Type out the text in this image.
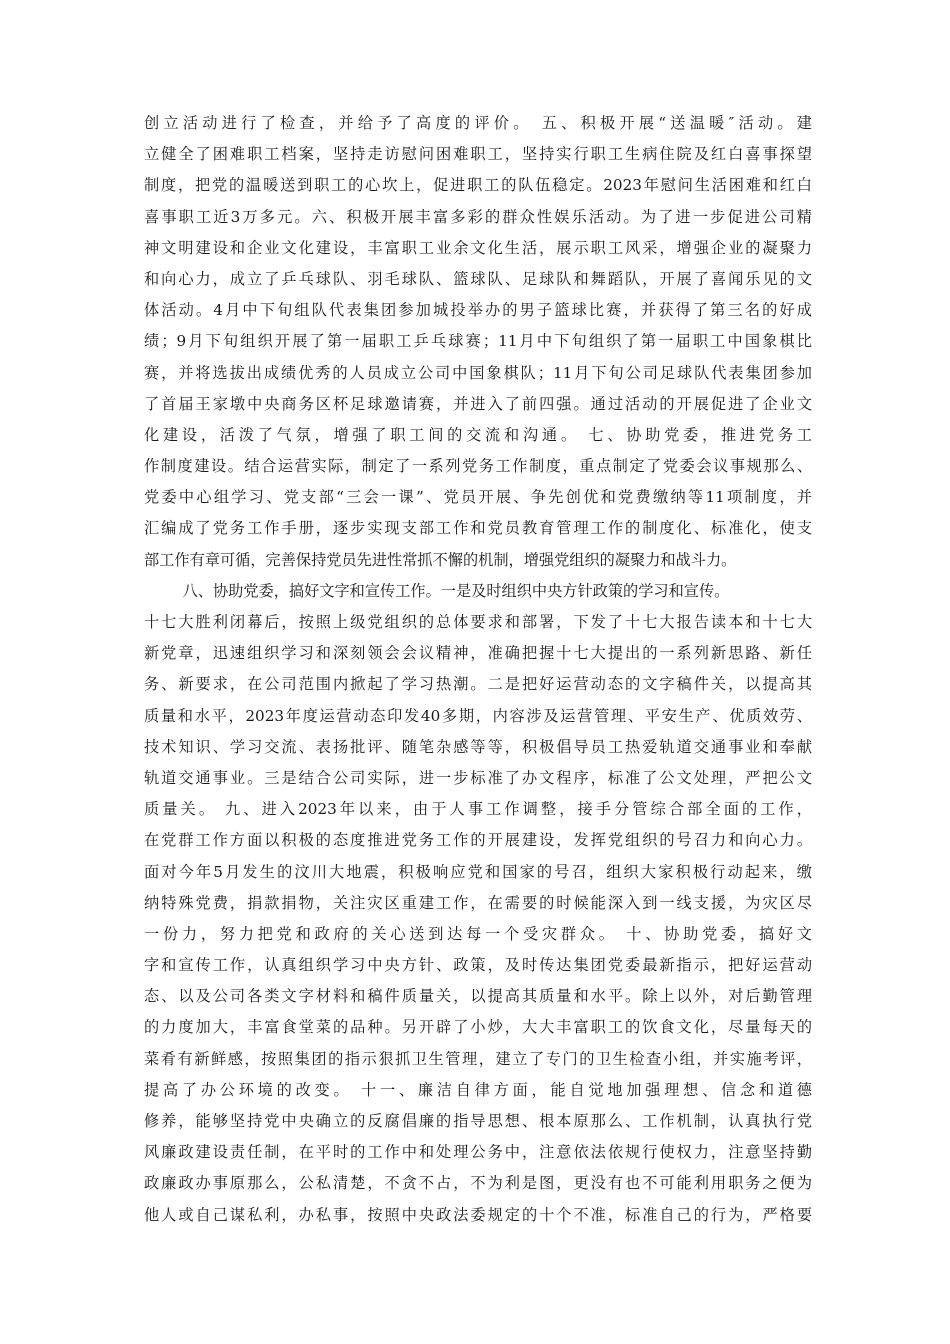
创立活动进行了检查，并给予了高度的评价。 五、积极开展“送温暖″活动。建
立健全了困难职工档案，坚持走访慰问困难职工，坚持实行职工生病住院及红白喜事探望
制度，把党的温暖送到职工的心坎上，促进职工的队伍稳定。2023年慰问生活困难和红白
喜事职工近3万多元。六、积极开展丰富多彩的群众性娱乐活动。为了进一步促进公司精
神文明建设和企业文化建设，丰富职工业余文化生活，展示职工风采，增强企业的凝聚力
和向心力，成立了乒乓球队、羽毛球队、篮球队、足球队和舞蹈队，开展了喜闻乐见的文
体活动。4月中下旬组队代表集团参加城投举办的男子篮球比赛，并获得了第三名的好成
绩；9月下旬组织开展了第一届职工乒乓球赛；11月中下旬组织了第一届职工中国象棋比
赛，并将选拔出成绩优秀的人员成立公司中国象棋队；11月下旬公司足球队代表集团参加
了首届王家墩中央商务区杯足球邀请赛，并进入了前四强。通过活动的开展促进了企业文
化建设，活泼了气氛，增强了职工间的交流和沟通。 七、协助党委，推进党务工
作制度建设。结合运营实际，制定了一系列党务工作制度，重点制定了党委会议事规那么、
党委中心组学习、党支部“三会一课”、党员开展、争先创优和党费缴纳等11项制度，并
汇编成了党务工作手册，逐步实现支部工作和党员教育管理工作的制度化、标准化，使支
部工作有章可循，完善保持党员先进性常抓不懈的机制，增强党组织的凝聚力和战斗力。
八、协助党委，搞好文字和宣传工作。一是及时组织中央方针政策的学习和宣传。
十七大胜利闭幕后，按照上级党组织的总体要求和部署，下发了十七大报告读本和十七大
新党章，迅速组织学习和深刻领会会议精神，准确把握十七大提出的一系列新思路、新任
务、新要求，在公司范围内掀起了学习热潮。二是把好运营动态的文字稿件关，以提高其
质量和水平，2023年度运营动态印发40多期，内容涉及运营管理、平安生产、优质效劳、
技术知识、学习交流、表扬批评、随笔杂感等等，积极倡导员工热爱轨道交通事业和奉献
轨道交通事业。三是结合公司实际，进一步标准了办文程序，标准了公文处理，严把公文
质量关。 九、进入2023年以来，由于人事工作调整，接手分管综合部全面的工作，
在党群工作方面以积极的态度推进党务工作的开展建设，发挥党组织的号召力和向心力。
面对今年5月发生的汶川大地震，积极响应党和国家的号召，组织大家积极行动起来，缴
纳特殊党费，捐款捐物，关注灾区重建工作，在需要的时候能深入到一线支援，为灾区尽
一份力，努力把党和政府的关心送到达每一个受灾群众。 十、协助党委，搞好文
字和宣传工作，认真组织学习中央方针、政策，及时传达集团党委最新指示，把好运营动
态、以及公司各类文字材料和稿件质量关，以提高其质量和水平。除上以外，对后勤管理
的力度加大，丰富食堂菜的品种。另开辟了小炒，大大丰富职工的饮食文化，尽量每天的
菜肴有新鲜感，按照集团的指示狠抓卫生管理，建立了专门的卫生检查小组，并实施考评，
提高了办公环境的改变。 十一、廉洁自律方面，能自觉地加强理想、信念和道德
修养，能够坚持党中央确立的反腐倡廉的指导思想、根本原那么、工作机制，认真执行党
风廉政建设责任制，在平时的工作中和处理公务中，注意依法依规行使权力，注意坚持勤
政廉政办事原那么，公私清楚，不贪不占，不为利是图，更没有也不可能利用职务之便为
他人或自己谋私利，办私事，按照中央政法委规定的十个不准，标准自己的行为，严格要
